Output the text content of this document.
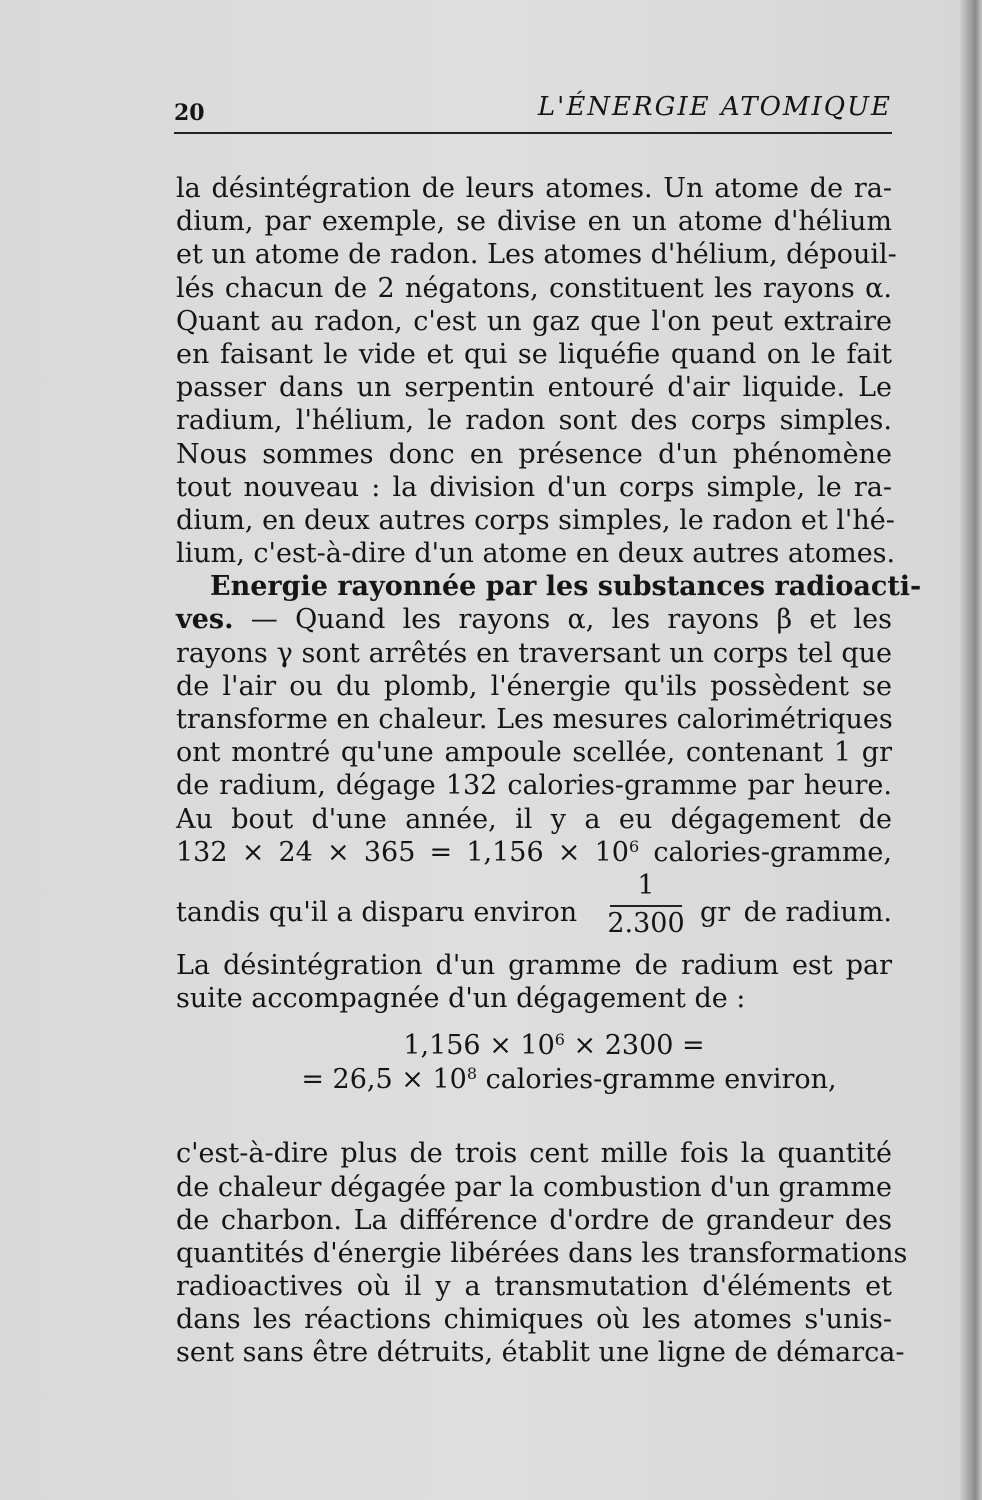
20	L'ÉNERGIE ATOMIQUE
la désintégration de leurs atomes. Un atome de ra-
dium, par exemple, se divise en un atome d'hélium
et un atome de radon. Les atomes d'hélium, dépouil-
lés chacun de 2 négatons, constituent les rayons α.
Quant au radon, c'est un gaz que l'on peut extraire
en faisant le vide et qui se liquéfie quand on le fait
passer dans un serpentin entouré d'air liquide. Le
radium, l'hélium, le radon sont des corps simples.
Nous sommes donc en présence d'un phénomène
tout nouveau : la division d'un corps simple, le ra-
dium, en deux autres corps simples, le radon et l'hé-
lium, c'est-à-dire d'un atome en deux autres atomes.
Energie rayonnée par les substances radioacti-
ves. — Quand les rayons α, les rayons β et les
rayons γ sont arrêtés en traversant un corps tel que
de l'air ou du plomb, l'énergie qu'ils possèdent se
transforme en chaleur. Les mesures calorimétriques
ont montré qu'une ampoule scellée, contenant 1 gr
de radium, dégage 132 calories-gramme par heure.
Au bout d'une année, il y a eu dégagement de
$132 \times 24 \times 365 = 1,156 \times 10^6$ calories-gramme,
tandis qu'il a disparu environ
1
2.300 gr de radium.
La désintégration d'un gramme de radium est par
suite accompagnée d'un dégagement de :
$1,156 \times 10^6 \times 2300$ =
= $26,5 \times 10^8$ calories-gramme environ,
c'est-à-dire plus de trois cent mille fois la quantité
de chaleur dégagée par la combustion d'un gramme
de charbon. La différence d'ordre de grandeur des
quantités d'énergie libérées dans les transformations
radioactives où il y a transmutation d'éléments et
dans les réactions chimiques où les atomes s'unis-
sent sans être détruits, établit une ligne de démarca-
